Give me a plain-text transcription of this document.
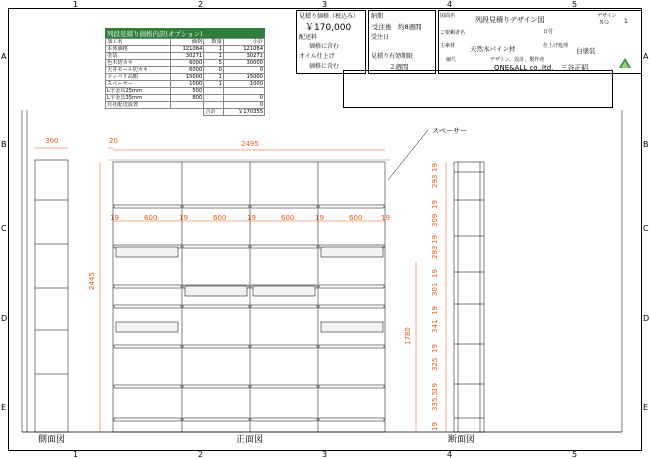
1	2	3	4	5
1	2	3	4	5
A
B
C
D
E
A
B
C
D
E
列段見積り価格内訳(オプション)
加工名	価格	数量	小計
本体価格	121084	1	121084
塗装	30271	1	30271
色木切カキ	6000	5	30000
天井モール切カキ	6000	0	0
ツッパリ高額	15000	1	15000
スペーサー	1000	1	1000
L字金具25mm	500		
L字金具35mm	800		0
自社配送設置			0
		合計	￥170355
見積り価格（税込み）
￥170,000
配送料
価格に含む
オイル仕上げ
価格に含む
納期
受注後　約8週間
受注日
見積り有効期限
２週間
図面名	列段見積りデザイン図	デザイン
ＮＯ 1
ご依頼者名	日付
主素材 天然木パイン材	仕上げ処理
白塗装
縮尺	デザイン、設計、製作者
ONE&ALL co,.ltd.　三谷正昭
スペーサー
側面図	正面図	断面図
300	20	2495
2445
1780
19	600	19	600	19	600	19	600	19
19
293
19
309
19
293
19
301
19
341
19
325
19
335.5
19
